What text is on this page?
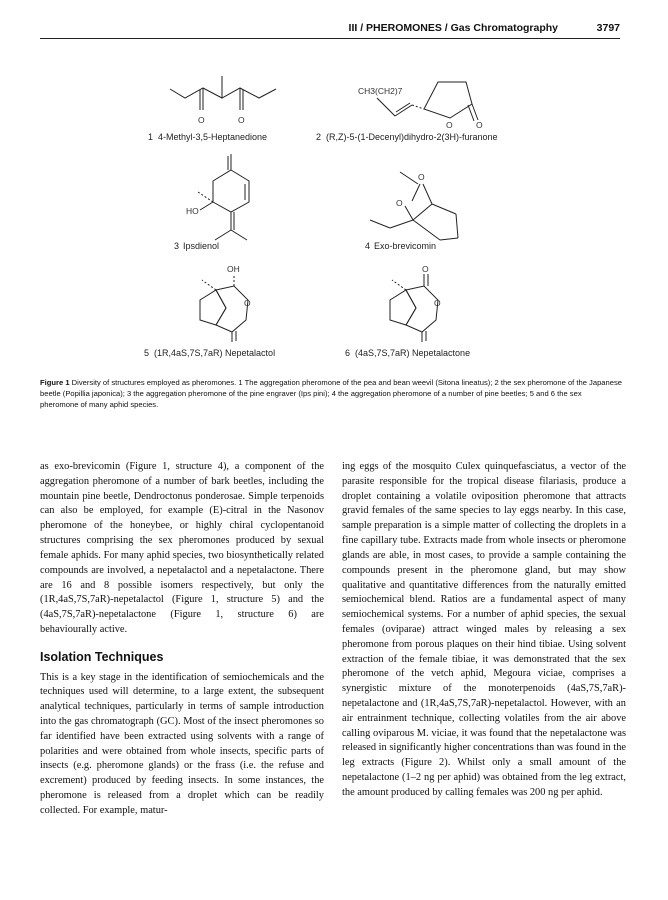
III / PHEROMONES / Gas Chromatography	3797
O	O
1 4-Methyl-3,5-Heptanedione
CH3(CH2)7
O	O
2 (R,Z)-5-(1-Decenyl)dihydro-2(3H)-furanone
HO
3 Ipsdienol
O
O
4 Exo-brevicomin
OH
O
5 (1R,4aS,7S,7aR) Nepetalactol
O
O
6 (4aS,7S,7aR) Nepetalactone
Figure 1 Diversity of structures employed as pheromones. 1 The aggregation pheromone of the pea and bean weevil (Sitona lineatus); 2 the sex pheromone of the Japanese beetle (Popillia japonica); 3 the aggregation pheromone of the pine engraver (Ips pini); 4 the aggregation pheromone of a number of pine beetles; 5 and 6 the sex pheromone of many aphid species.

as exo-brevicomin (Figure 1, structure 4), a component of the aggregation pheromone of a number of bark beetles, including the mountain pine beetle, Dendroctonus ponderosae. Simple terpenoids can also be employed, for example (E)-citral in the Nasonov pheromone of the honeybee, or highly chiral cyclopentanoid structures comprising the sex pheromones produced by sexual female aphids. For many aphid species, two biosynthetically related compounds are involved, a nepetalactol and a nepetalactone. There are 16 and 8 possible isomers respectively, but only the (1R,4aS,7S,7aR)-nepetalactol (Figure 1, structure 5) and the (4aS,7S,7aR)-nepetalactone (Figure 1, structure 6) are behaviourally active.

Isolation Techniques

This is a key stage in the identification of semiochemicals and the techniques used will determine, to a large extent, the subsequent analytical techniques, particularly in terms of sample introduction into the gas chromatograph (GC). Most of the insect pheromones so far identified have been extracted using solvents with a range of polarities and were obtained from whole insects, specific parts of insects (e.g. pheromone glands) or the frass (i.e. the refuse and excrement) produced by feeding insects. In some instances, the pheromone is released from a droplet which can be readily collected. For example, matur-

ing eggs of the mosquito Culex quinquefasciatus, a vector of the parasite responsible for the tropical disease filariasis, produce a droplet containing a volatile oviposition pheromone that attracts gravid females of the same species to lay eggs nearby. In this case, sample preparation is a simple matter of collecting the droplets in a fine capillary tube. Extracts made from whole insects or pheromone glands are able, in most cases, to provide a sample containing the compounds present in the pheromone gland, but may show qualitative and quantitative differences from the naturally emitted semiochemical blend. Ratios are a fundamental aspect of many semiochemical systems. For a number of aphid species, the sexual females (oviparae) attract winged males by releasing a sex pheromone from porous plaques on their hind tibiae. Using solvent extraction of the female tibiae, it was demonstrated that the sex pheromone of the vetch aphid, Megoura viciae, comprises a synergistic mixture of the monoterpenoids (4aS,7S,7aR)-nepetalactone and (1R,4aS,7S,7aR)-nepetalactol. However, with an air entrainment technique, collecting volatiles from the air above calling oviparous M. viciae, it was found that the nepetalactone was released in significantly higher concentrations than was found in the leg extracts (Figure 2). Whilst only a small amount of the nepetalactone (1–2 ng per aphid) was obtained from the leg extract, the amount produced by calling females was 200 ng per aphid.
